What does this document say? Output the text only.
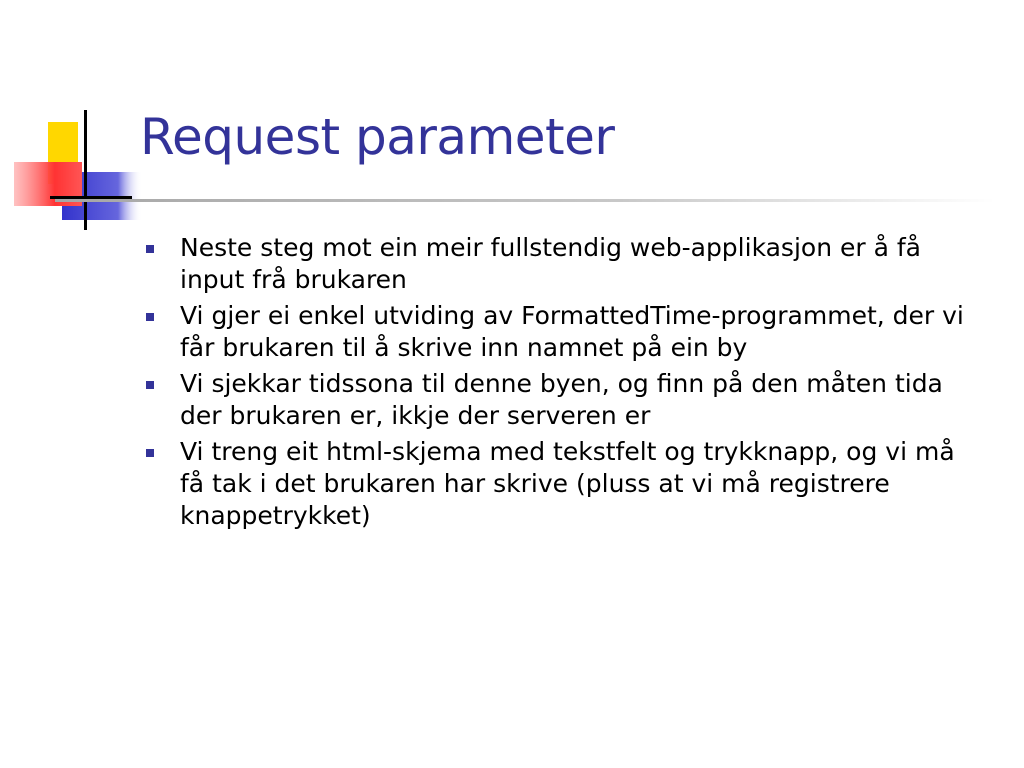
Request parameter
Neste steg mot ein meir fullstendig web-applikasjon er å få input frå brukaren
Vi gjer ei enkel utviding av FormattedTime-programmet, der vi får brukaren til å skrive inn namnet på ein by
Vi sjekkar tidssona til denne byen, og finn på den måten tida der brukaren er, ikkje der serveren er
Vi treng eit html-skjema med tekstfelt og trykknapp, og vi må få tak i det brukaren har skrive (pluss at vi må registrere knappetrykket)
